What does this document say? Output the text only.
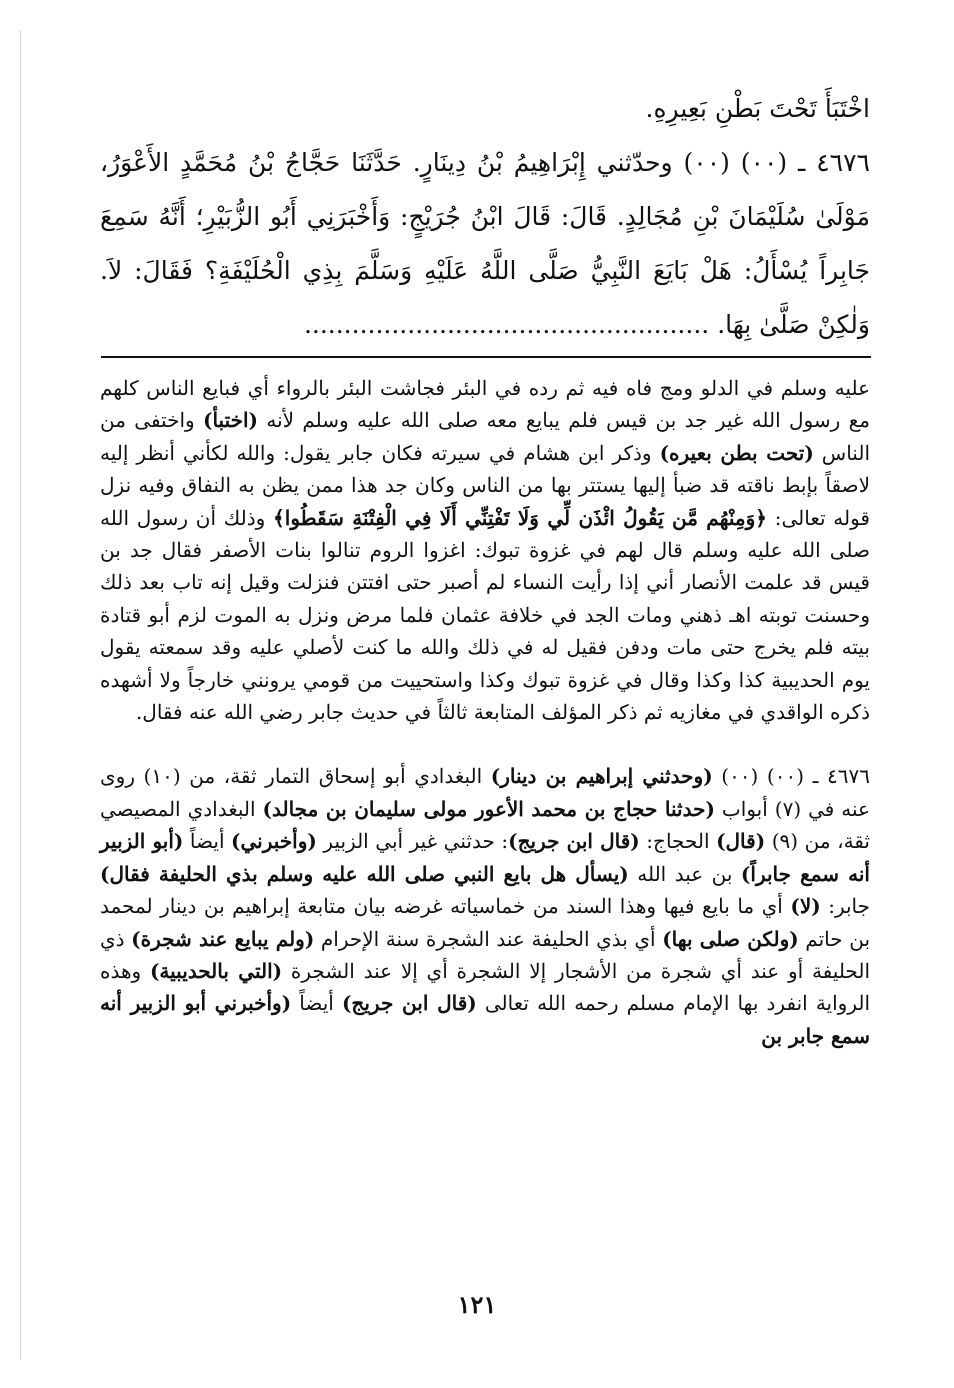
اخْتَبَأَ تَحْتَ بَطْنِ بَعِيرِهِ.

٤٦٧٦ ـ (٠٠) (٠٠) وحدّثني إِبْرَاهِيمُ بْنُ دِينَارٍ. حَدَّثَنَا حَجَّاجُ بْنُ مُحَمَّدٍ الأَعْوَرُ، مَوْلَىٰ سُلَيْمَانَ بْنِ مُجَالِدٍ. قَالَ: قَالَ ابْنُ جُرَيْجٍ: وَأَخْبَرَنِي أَبُو الزُّبَيْرِ؛ أَنَّهُ سَمِعَ جَابِراً يُسْأَلُ: هَلْ بَايَعَ النَّبِيُّ صَلَّى اللَّهُ عَلَيْهِ وَسَلَّمَ بِذِي الْحُلَيْفَةِ؟ فَقَالَ: لاَ. وَلٰكِنْ صَلَّىٰ بِهَا. ...................................................

عليه وسلم في الدلو ومج فاه فيه ثم رده في البئر فجاشت البئر بالرواء أي فبايع الناس كلهم مع رسول الله غير جد بن قيس فلم يبايع معه صلى الله عليه وسلم لأنه (اختبأ) واختفى من الناس (تحت بطن بعيره) وذكر ابن هشام في سيرته فكان جابر يقول: والله لكأني أنظر إليه لاصقاً بإبط ناقته قد ضبأ إليها يستتر بها من الناس وكان جد هذا ممن يظن به النفاق وفيه نزل قوله تعالى: ﴿وَمِنْهُم مَّن يَقُولُ ائْذَن لِّي وَلَا تَفْتِنِّي أَلَا فِي الْفِتْنَةِ سَقَطُوا﴾ وذلك أن رسول الله صلى الله عليه وسلم قال لهم في غزوة تبوك: اغزوا الروم تنالوا بنات الأصفر فقال جد بن قيس قد علمت الأنصار أني إذا رأيت النساء لم أصبر حتى افتتن فنزلت وقيل إنه تاب بعد ذلك وحسنت توبته اهـ ذهني ومات الجد في خلافة عثمان فلما مرض ونزل به الموت لزم أبو قتادة بيته فلم يخرج حتى مات ودفن فقيل له في ذلك والله ما كنت لأصلي عليه وقد سمعته يقول يوم الحديبية كذا وكذا وقال في غزوة تبوك وكذا واستحييت من قومي يرونني خارجاً ولا أشهده ذكره الواقدي في مغازيه ثم ذكر المؤلف المتابعة ثالثاً في حديث جابر رضي الله عنه فقال.

٤٦٧٦ ـ (٠٠) (٠٠) (وحدثني إبراهيم بن دينار) البغدادي أبو إسحاق التمار ثقة، من (١٠) روى عنه في (٧) أبواب (حدثنا حجاج بن محمد الأعور مولى سليمان بن مجالد) البغدادي المصيصي ثقة، من (٩) (قال) الحجاج: (قال ابن جريج): حدثني غير أبي الزبير (وأخبرني) أيضاً (أبو الزبير أنه سمع جابراً) بن عبد الله (يسأل هل بايع النبي صلى الله عليه وسلم بذي الحليفة فقال) جابر: (لا) أي ما بايع فيها وهذا السند من خماسياته غرضه بيان متابعة إبراهيم بن دينار لمحمد بن حاتم (ولكن صلى بها) أي بذي الحليفة عند الشجرة سنة الإحرام (ولم يبايع عند شجرة) ذي الحليفة أو عند أي شجرة من الأشجار إلا الشجرة أي إلا عند الشجرة (التي بالحديبية) وهذه الرواية انفرد بها الإمام مسلم رحمه الله تعالى (قال ابن جريج) أيضاً (وأخبرني أبو الزبير أنه سمع جابر بن

١٢١
